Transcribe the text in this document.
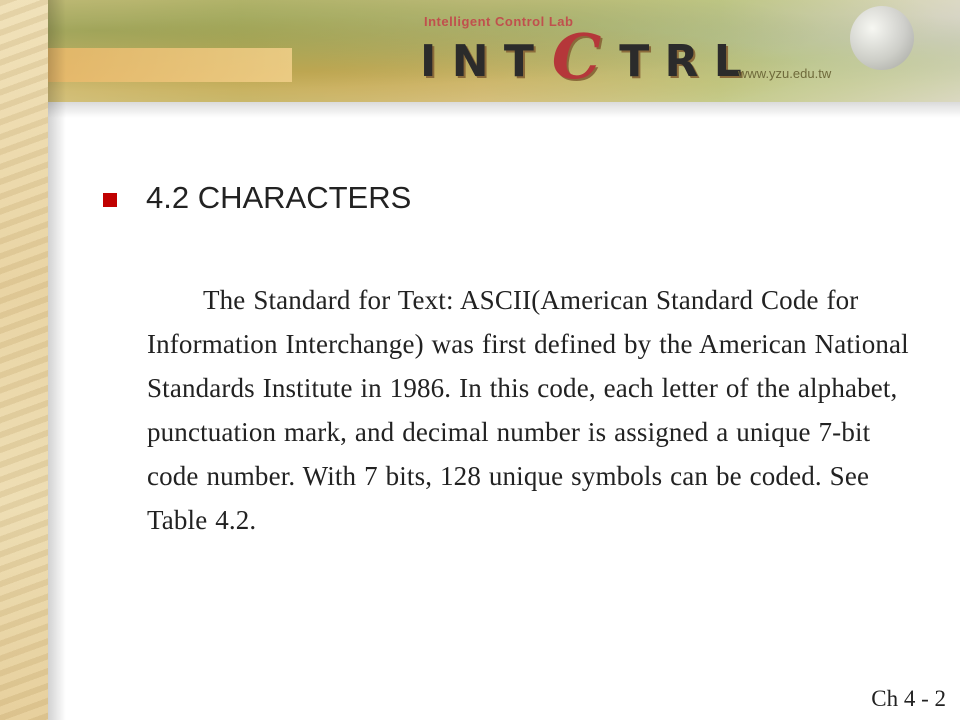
Intelligent Control Lab
I N T C T R L
www.yzu.edu.tw
4.2 CHARACTERS
The Standard for Text: ASCII(American Standard Code for Information Interchange) was first defined by the American National Standards Institute in 1986. In this code, each letter of the alphabet, punctuation mark, and decimal number is assigned a unique 7-bit code number. With 7 bits, 128 unique symbols can be coded. See Table 4.2.
Ch 4 - 2
